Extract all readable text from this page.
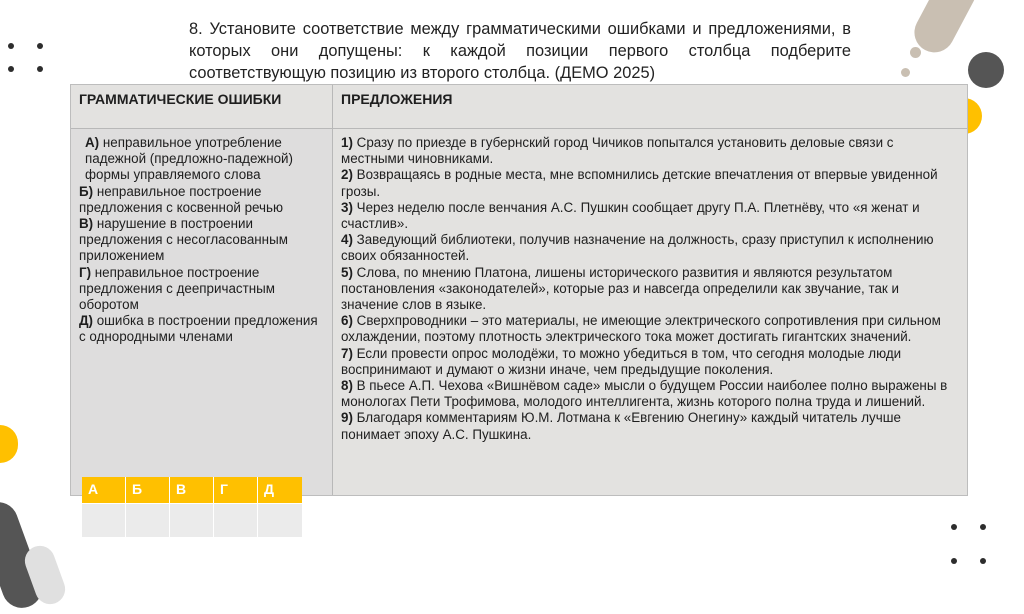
8. Установите соответствие между грамматическими ошибками и предложениями, в которых они допущены: к каждой позиции первого столбца подберите соответствующую позицию из второго столбца. (ДЕМО 2025)
ГРАММАТИЧЕСКИЕ ОШИБКИ	ПРЕДЛОЖЕНИЯ

А) неправильное употребление падежной (предложно-падежной) формы управляемого слова

Б) неправильное построение предложения с косвенной речью

В) нарушение в построении предложения с несогласованным приложением

Г) неправильное построение предложения с деепричастным оборотом

Д) ошибка в построении предложения с однородными членами

1) Сразу по приезде в губернский город Чичиков попытался установить деловые связи с местными чиновниками.

2) Возвращаясь в родные места, мне вспомнились детские впечатления от впервые увиденной грозы.

3) Через неделю после венчания А.С. Пушкин сообщает другу П.А. Плетнёву, что «я женат и счастлив».

4) Заведующий библиотеки, получив назначение на должность, сразу приступил к исполнению своих обязанностей.

5) Слова, по мнению Платона, лишены исторического развития и являются результатом постановления «законодателей», которые раз и навсегда определили как звучание, так и значение слов в языке.

6) Сверхпроводники – это материалы, не имеющие электрического сопротивления при сильном охлаждении, поэтому плотность электрического тока может достигать гигантских значений.

7) Если провести опрос молодёжи, то можно убедиться в том, что сегодня молодые люди воспринимают и думают о жизни иначе, чем предыдущие поколения.

8) В пьесе А.П. Чехова «Вишнёвом саде» мысли о будущем России наиболее полно выражены в монологах Пети Трофимова, молодого интеллигента, жизнь которого полна труда и лишений.

9) Благодаря комментариям Ю.М. Лотмана к «Евгению Онегину» каждый читатель лучше понимает эпоху А.С. Пушкина.

А	Б	В	Г	Д
